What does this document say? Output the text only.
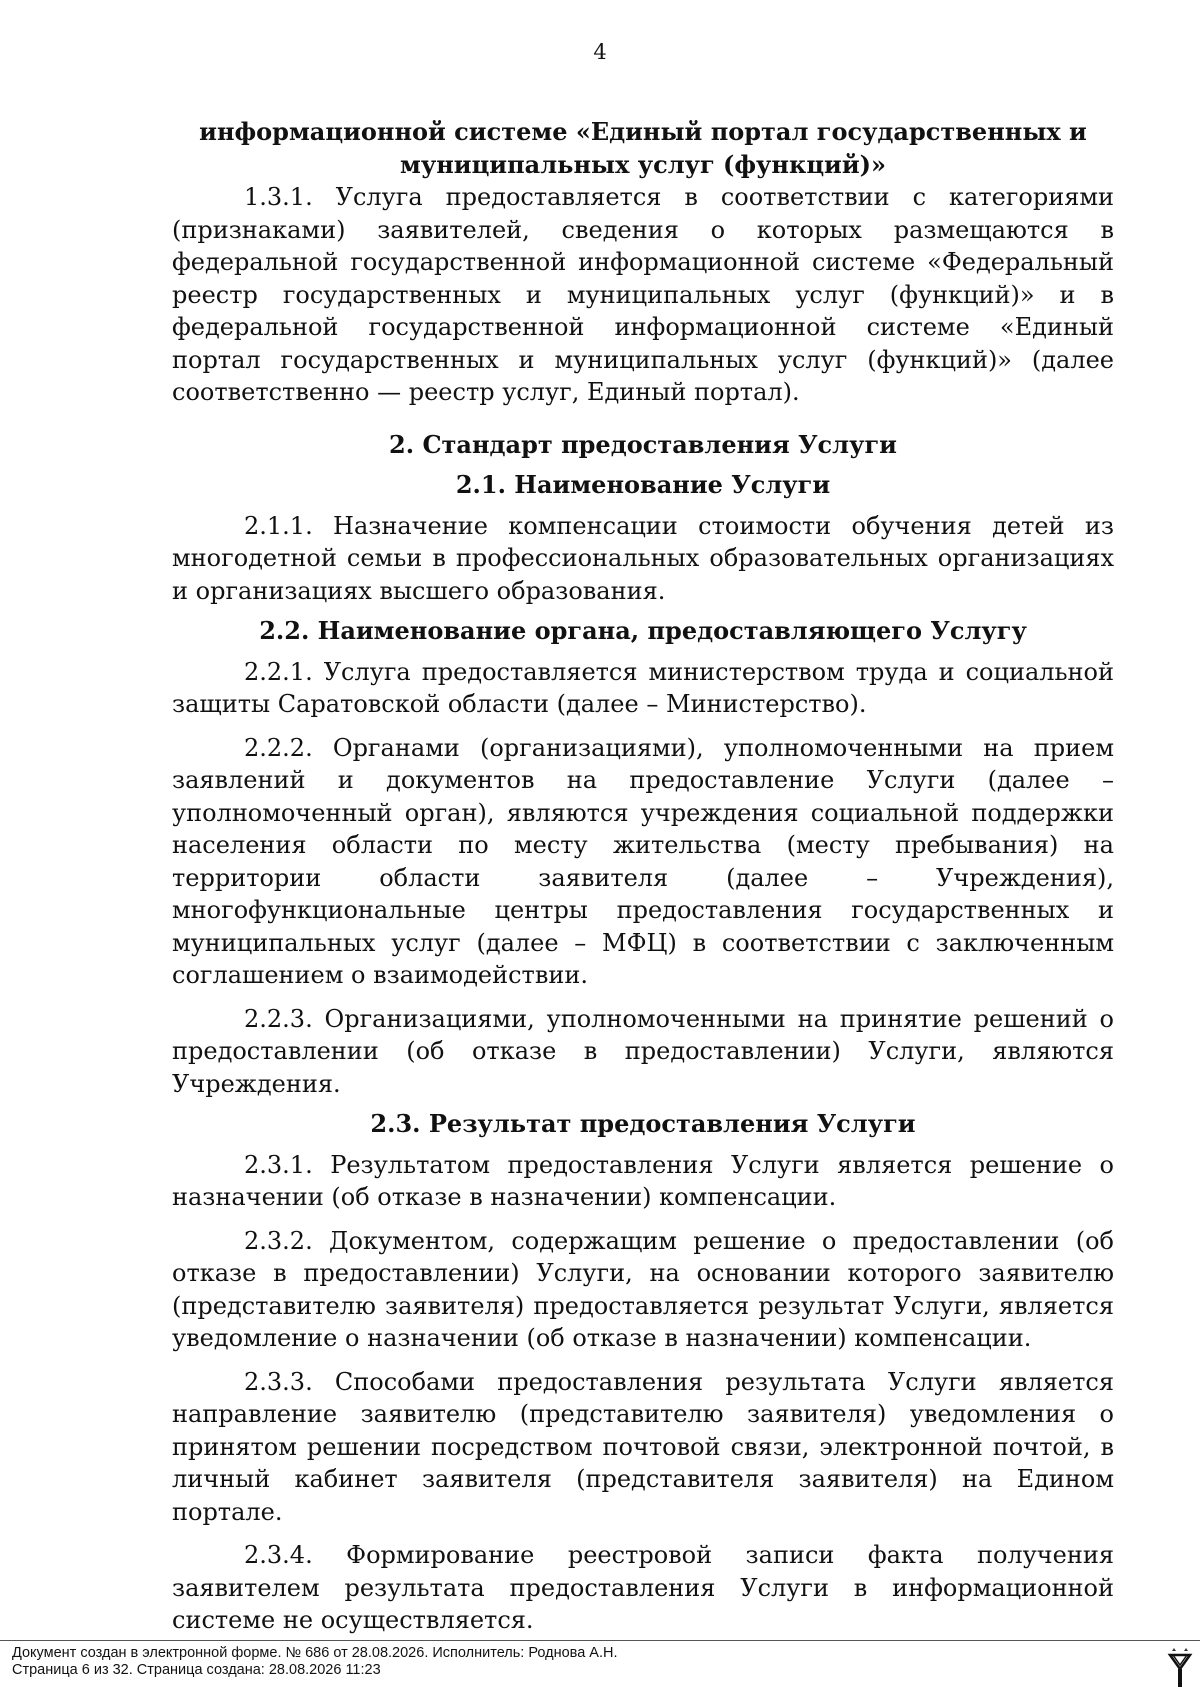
4

информационной системе «Единый портал государственных и
муниципальных услуг (функций)»

1.3.1. Услуга предоставляется в соответствии с категориями (признаками) заявителей, сведения о которых размещаются в федеральной государственной информационной системе «Федеральный реестр государственных и муниципальных услуг (функций)» и в федеральной государственной информационной системе «Единый портал государственных и муниципальных услуг (функций)» (далее соответственно — реестр услуг, Единый портал).

2. Стандарт предоставления Услуги

2.1. Наименование Услуги

2.1.1. Назначение компенсации стоимости обучения детей из многодетной семьи в профессиональных образовательных организациях и организациях высшего образования.

2.2. Наименование органа, предоставляющего Услугу

2.2.1. Услуга предоставляется министерством труда и социальной защиты Саратовской области (далее – Министерство).

2.2.2. Органами (организациями), уполномоченными на прием заявлений и документов на предоставление Услуги (далее – уполномоченный орган), являются учреждения социальной поддержки населения области по месту жительства (месту пребывания) на территории области заявителя (далее – Учреждения), многофункциональные центры предоставления государственных и муниципальных услуг (далее – МФЦ) в соответствии с заключенным соглашением о взаимодействии.

2.2.3. Организациями, уполномоченными на принятие решений о предоставлении (об отказе в предоставлении) Услуги, являются Учреждения.

2.3. Результат предоставления Услуги

2.3.1. Результатом предоставления Услуги является решение о назначении (об отказе в назначении) компенсации.

2.3.2. Документом, содержащим решение о предоставлении (об отказе в предоставлении) Услуги, на основании которого заявителю (представителю заявителя) предоставляется результат Услуги, является уведомление о назначении (об отказе в назначении) компенсации.

2.3.3. Способами предоставления результата Услуги является направление заявителю (представителю заявителя) уведомления о принятом решении посредством почтовой связи, электронной почтой, в личный кабинет заявителя (представителя заявителя) на Едином портале.

2.3.4. Формирование реестровой записи факта получения заявителем результата предоставления Услуги в информационной системе не осуществляется.

Документ создан в электронной форме. № 686 от 28.08.2026. Исполнитель: Роднова А.Н.
Страница 6 из 32. Страница создана: 28.08.2026 11:23
